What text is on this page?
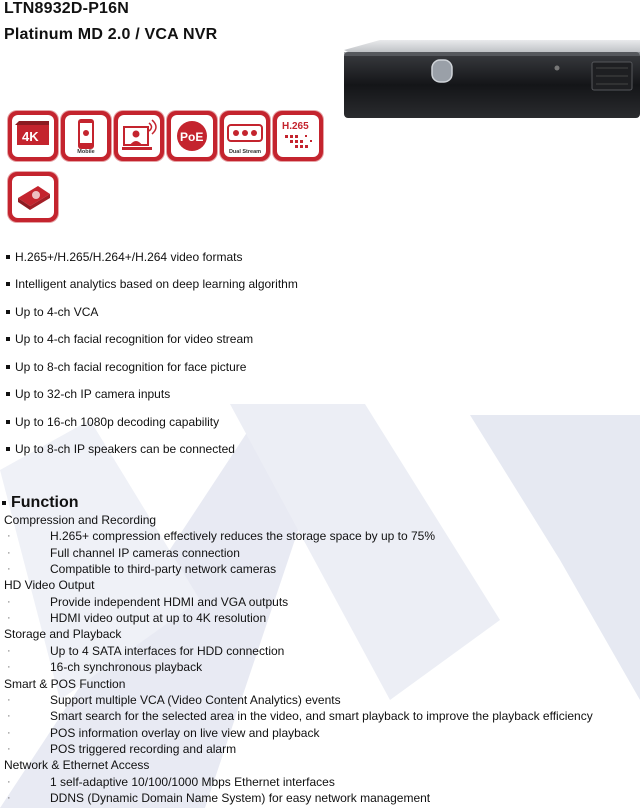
LTN8932D-P16N
Platinum MD 2.0 / VCA NVR
4K
Mobile
PoE
Dual Stream
H.265
H.265+/H.265/H.264+/H.264 video formats
Intelligent analytics based on deep learning algorithm
Up to 4-ch VCA
Up to 4-ch facial recognition for video stream
Up to 8-ch facial recognition for face picture
Up to 32-ch IP camera inputs
Up to 16-ch 1080p decoding capability
Up to 8-ch IP speakers can be connected
Function
Compression and Recording
·	H.265+ compression effectively reduces the storage space by up to 75%
·	Full channel IP cameras connection
·	Compatible to third-party network cameras
HD Video Output
·	Provide independent HDMI and VGA outputs
·	HDMI video output at up to 4K resolution
Storage and Playback
·	Up to 4 SATA interfaces for HDD connection
·	16-ch synchronous playback
Smart & POS Function
·	Support multiple VCA (Video Content Analytics) events
·	Smart search for the selected area in the video, and smart playback to improve the playback efficiency
·	POS information overlay on live view and playback
·	POS triggered recording and alarm
Network & Ethernet Access
·	1 self-adaptive 10/100/1000 Mbps Ethernet interfaces
·	DDNS (Dynamic Domain Name System) for easy network management
